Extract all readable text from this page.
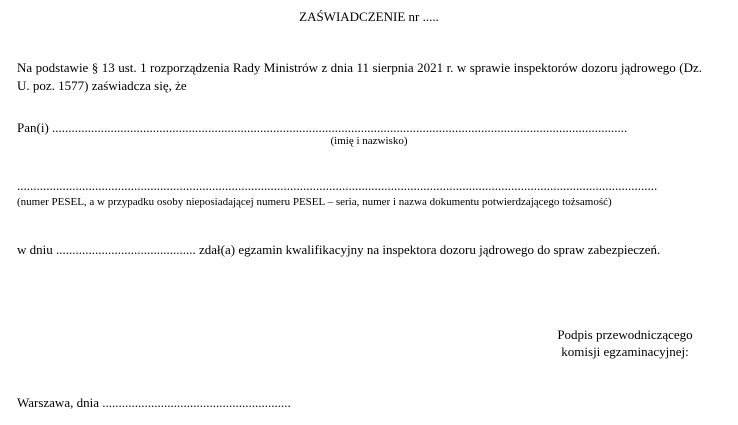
ZAŚWIADCZENIE nr .....
Na podstawie § 13 ust. 1 rozporządzenia Rady Ministrów z dnia 11 sierpnia 2021 r. w sprawie inspektorów dozoru jądrowego (Dz. U. poz. 1577) zaświadcza się, że
Pan(i) .................................................................................................................................................................................
(imię i nazwisko)
.....................................................................................................................................................................................................
(numer PESEL, a w przypadku osoby nieposiadającej numeru PESEL – seria, numer i nazwa dokumentu potwierdzającego tożsamość)
w dniu ........................................... zdał(a) egzamin kwalifikacyjny na inspektora dozoru jądrowego do spraw zabezpieczeń.
Podpis przewodniczącego
komisji egzaminacyjnej:
Warszawa, dnia ..........................................................
